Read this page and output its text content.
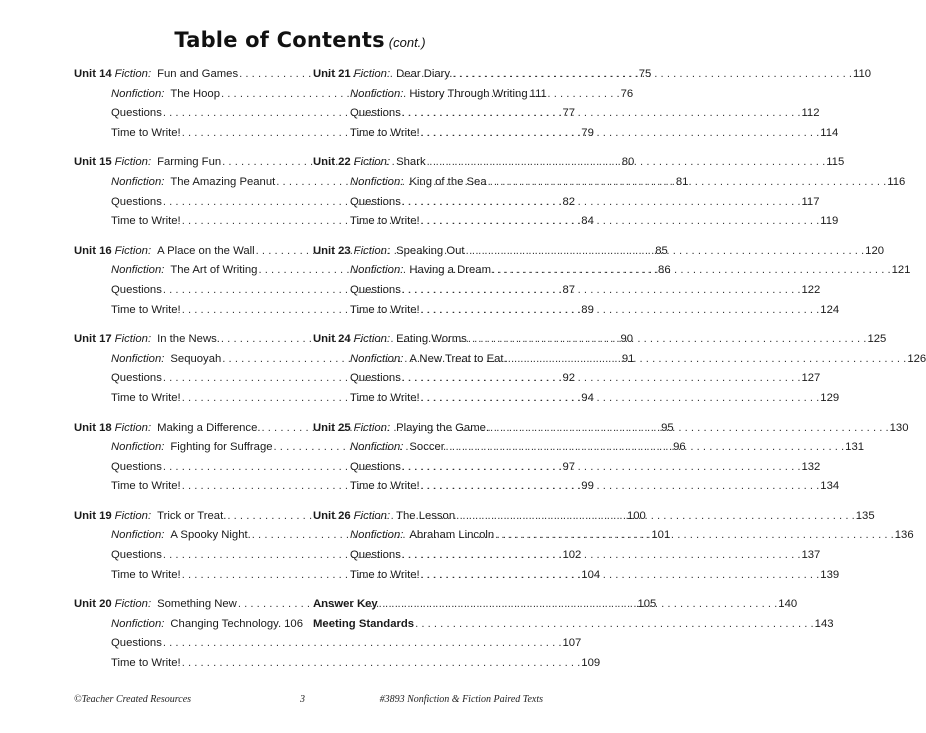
Table of Contents (cont.)
Unit 14 Fiction: Fun and Games . . .	75
Nonfiction: The Hoop . . .	76
Questions . . .	77
Time to Write! . . .	79
Unit 15 Fiction: Farming Fun . . .	80
Nonfiction: The Amazing Peanut . . .	81
Questions . . .	82
Time to Write! . . .	84
Unit 16 Fiction: A Place on the Wall . . .	85
Nonfiction: The Art of Writing . . .	86
Questions . . .	87
Time to Write! . . .	89
Unit 17 Fiction: In the News. . . .	90
Nonfiction: Sequoyah . . .	91
Questions . . .	92
Time to Write! . . .	94
Unit 18 Fiction: Making a Difference. . . .	95
Nonfiction: Fighting for Suffrage . . .	96
Questions . . .	97
Time to Write! . . .	99
Unit 19 Fiction: Trick or Treat. . . .	100
Nonfiction: A Spooky Night. . . .	101
Questions . . .	102
Time to Write! . . .	104
Unit 20 Fiction: Something New . . .	105
Nonfiction: Changing Technology. . . . 106
Questions . . .	107
Time to Write! . . .	109
Unit 21 Fiction: Dear Diary. . . .	110
Nonfiction: History Through Writing 111
Questions . . .	112
Time to Write! . . .	114
Unit 22 Fiction: Shark . . .	115
Nonfiction: King of the Sea . . .	116
Questions . . .	117
Time to Write! . . .	119
Unit 23 Fiction: Speaking Out . . .	120
Nonfiction: Having a Dream . . .	121
Questions . . .	122
Time to Write! . . .	124
Unit 24 Fiction: Eating Worms . . .	125
Nonfiction: A New Treat to Eat. . . .	126
Questions . . .	127
Time to Write! . . .	129
Unit 25 Fiction: Playing the Game. . . .	130
Nonfiction: Soccer . . .	131
Questions . . .	132
Time to Write! . . .	134
Unit 26 Fiction: The Lesson . . .	135
Nonfiction: Abraham Lincoln . . .	136
Questions . . .	137
Time to Write! . . .	139
Answer Key . . .	140
Meeting Standards . . .	143
©Teacher Created Resources	3	#3893 Nonfiction & Fiction Paired Texts
